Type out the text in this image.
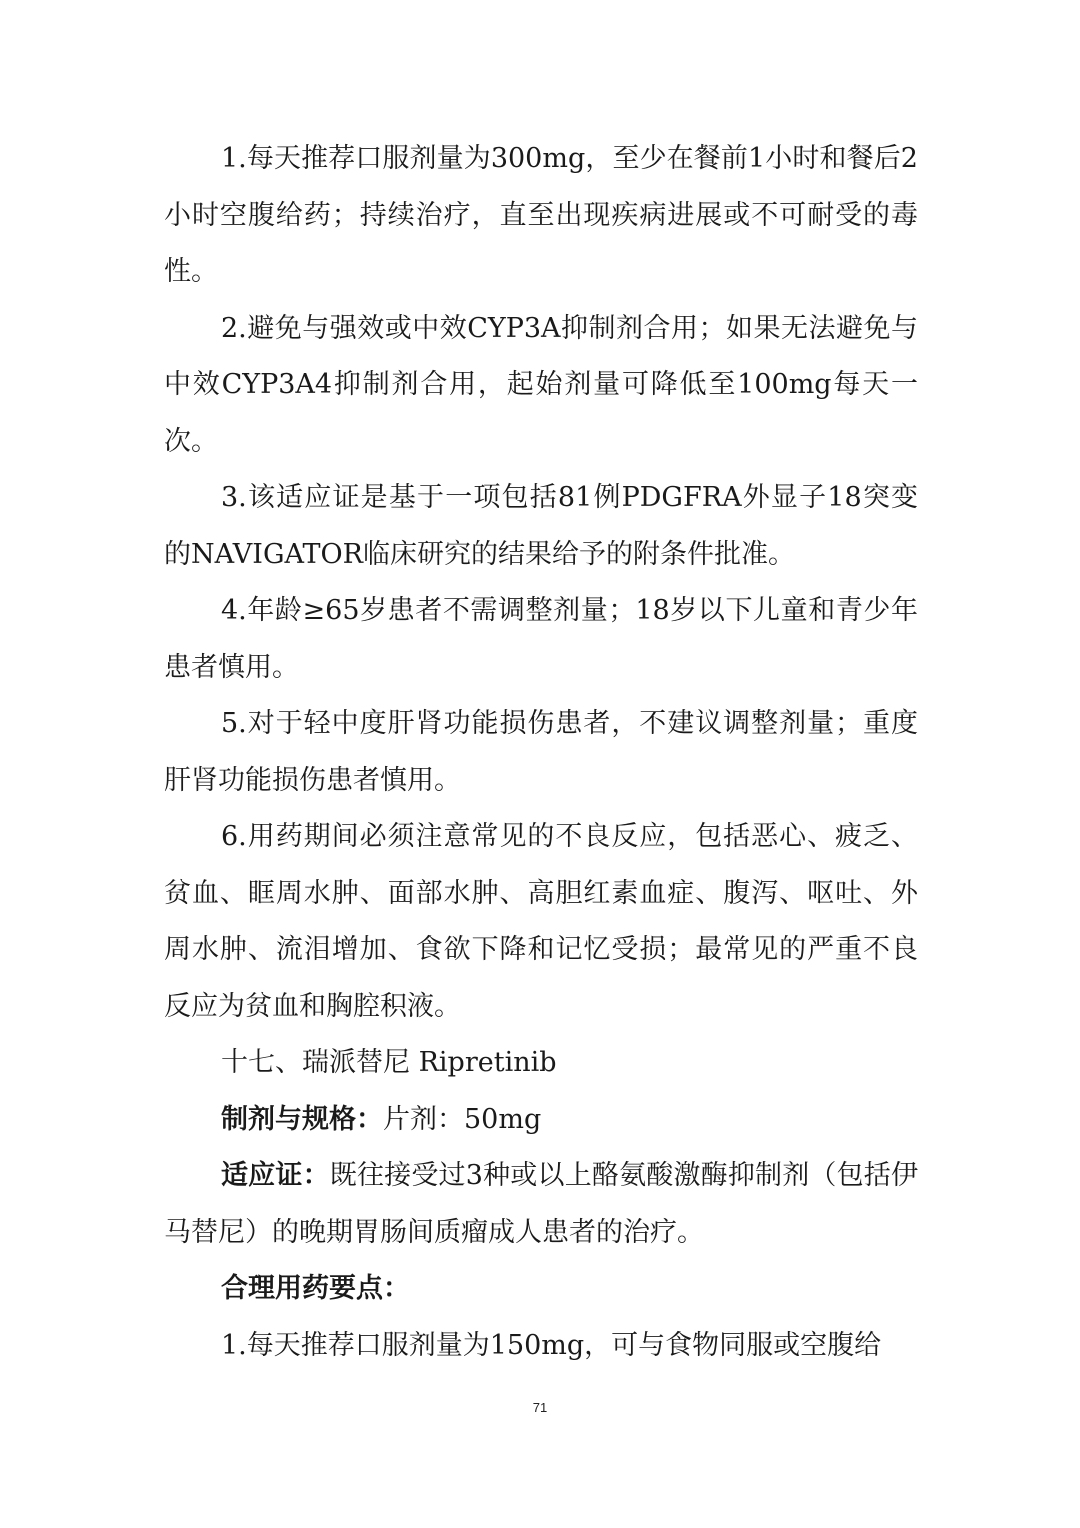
1.每天推荐口服剂量为300mg，至少在餐前1小时和餐后2小时空腹给药；持续治疗，直至出现疾病进展或不可耐受的毒性。

2.避免与强效或中效CYP3A抑制剂合用；如果无法避免与中效CYP3A4抑制剂合用，起始剂量可降低至100mg每天一次。

3.该适应证是基于一项包括81例PDGFRA外显子18突变的NAVIGATOR临床研究的结果给予的附条件批准。

4.年龄≥65岁患者不需调整剂量；18岁以下儿童和青少年患者慎用。

5.对于轻中度肝肾功能损伤患者，不建议调整剂量；重度肝肾功能损伤患者慎用。

6.用药期间必须注意常见的不良反应，包括恶心、疲乏、贫血、眶周水肿、面部水肿、高胆红素血症、腹泻、呕吐、外周水肿、流泪增加、食欲下降和记忆受损；最常见的严重不良反应为贫血和胸腔积液。

十七、瑞派替尼 Ripretinib

制剂与规格：片剂：50mg

适应证：既往接受过3种或以上酪氨酸激酶抑制剂（包括伊马替尼）的晚期胃肠间质瘤成人患者的治疗。

合理用药要点：

1.每天推荐口服剂量为150mg，可与食物同服或空腹给

71
